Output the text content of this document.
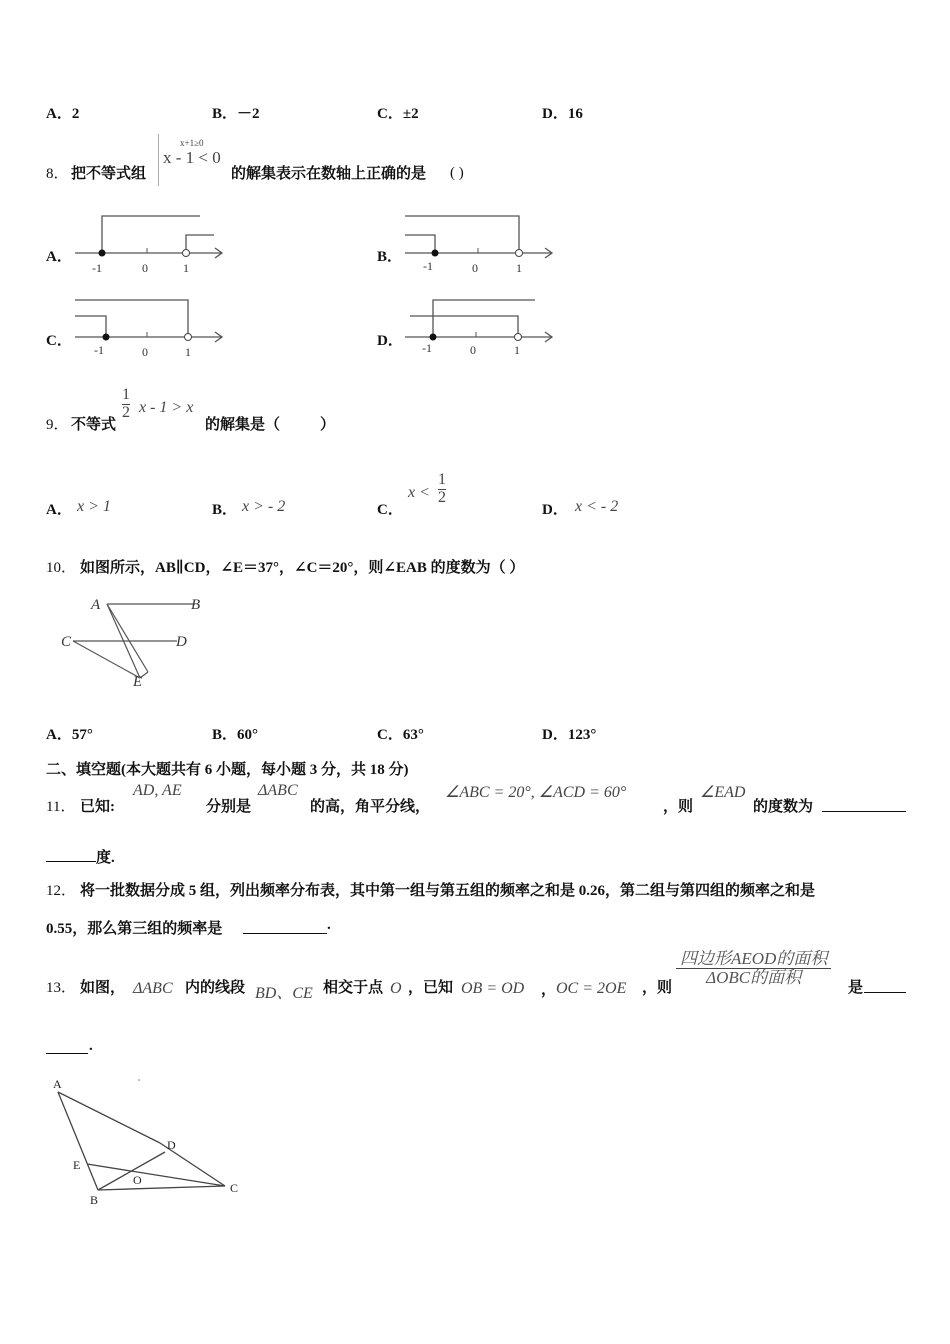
A．2	B．－2	C．±2	D．16
8． 把不等式组
x+1≥0
x - 1 < 0
的解集表示在数轴上正确的是 ( )
A．
-1	0	1
B．
-1	0	1
C．
-1	0	1
D． -1	0	1
9． 不等式
$\frac{1}{2}$ x - 1 > x
的解集是（	）
A． x > 1	B． x > - 2	C．
$x < \frac{1}{2}$
D． x < - 2
10． 如图所示，AB∥CD，∠E＝37°，∠C＝20°，则∠EAB 的度数为（ ）
A	B
C	D
E
A．57°	B．60°	C．63°	D．123°
二、填空题(本大题共有 6 小题，每小题 3 分，共 18 分)
11． 已知:
AD, AE
分别是
ΔABC
的高，角平分线，
∠ABC = 20°, ∠ACD = 60°
，则
∠EAD
的度数为
度.
12． 将一批数据分成 5 组，列出频率分布表，其中第一组与第五组的频率之和是 0.26，第二组与第四组的频率之和是
0.55，那么第三组的频率是	.
13． 如图， ΔABC 内的线段 BD、CE 相交于点 O ，已知 OB = OD ， OC = 2OE ，则
$\frac{\text{四边形AEOD的面积}}{\text{ΔOBC的面积}}$
是
.
A
B
C
D
E
O
